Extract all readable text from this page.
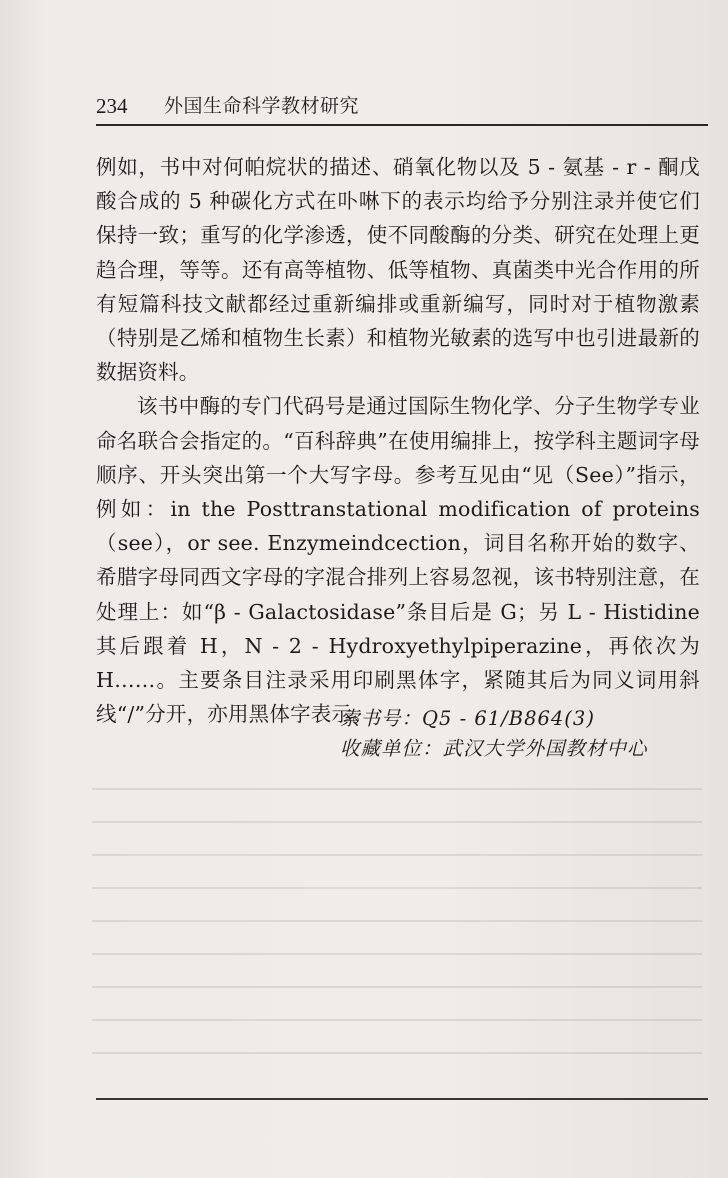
234 外国生命科学教材研究

例如，书中对何帕烷状的描述、硝氧化物以及 5 - 氨基 - r - 酮戊酸合成的 5 种碳化方式在卟啉下的表示均给予分别注录并使它们保持一致；重写的化学渗透，使不同酸酶的分类、研究在处理上更趋合理，等等。还有高等植物、低等植物、真菌类中光合作用的所有短篇科技文献都经过重新编排或重新编写，同时对于植物激素（特别是乙烯和植物生长素）和植物光敏素的选写中也引进最新的数据资料。

该书中酶的专门代码号是通过国际生物化学、分子生物学专业命名联合会指定的。“百科辞典”在使用编排上，按学科主题词字母顺序、开头突出第一个大写字母。参考互见由“见（See）”指示，例如：in the Posttranstational modification of proteins（see），or see. Enzymeindcection，词目名称开始的数字、希腊字母同西文字母的字混合排列上容易忽视，该书特别注意，在处理上：如“β - Galactosidase”条目后是 G；另 L - Histidine 其后跟着 H，N - 2 - Hydroxyethylpiperazine，再依次为 H……。主要条目注录采用印刷黑体字，紧随其后为同义词用斜线“/”分开，亦用黑体字表示。

索书号：Q5 - 61/B864(3)
收藏单位：武汉大学外国教材中心
